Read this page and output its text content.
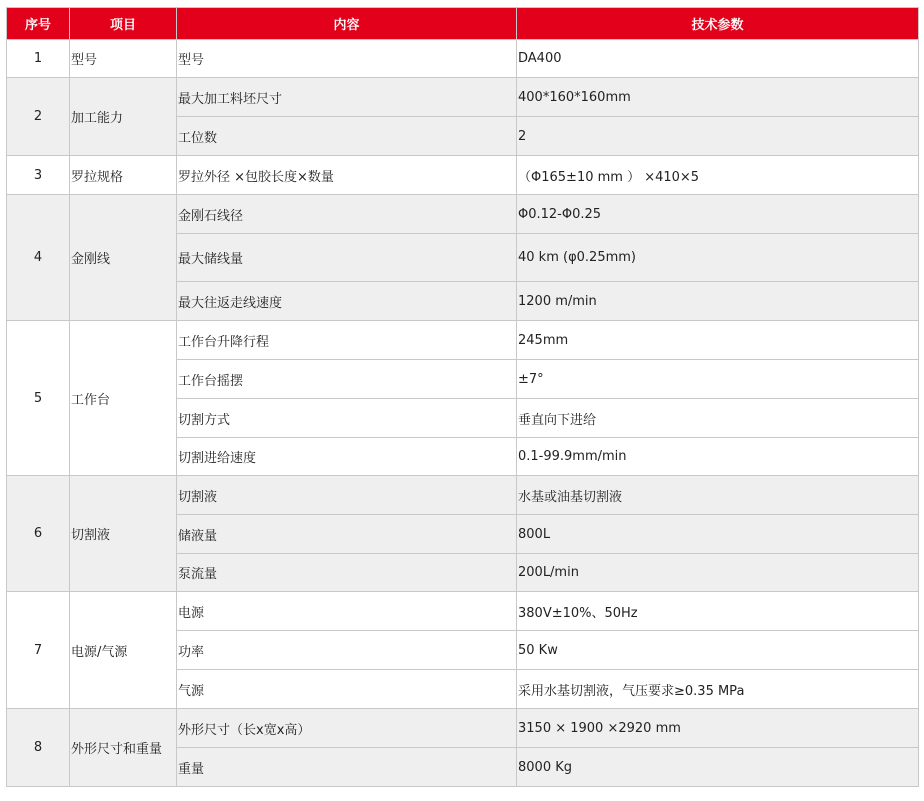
序号	项目	内容	技术参数
1	型号	型号	DA400
2	加工能力	最大加工料坯尺寸	400*160*160mm
		工位数	2
3	罗拉规格	罗拉外径 ×包胶长度×数量	（Φ165±10 mm ） ×410×5
4	金刚线	金刚石线径	Φ0.12-Φ0.25
		最大储线量	40 km (φ0.25mm)
		最大往返走线速度	1200 m/min
5	工作台	工作台升降行程	245mm
		工作台摇摆	±7°
		切割方式	垂直向下进给
		切割进给速度	0.1-99.9mm/min
6	切割液	切割液	水基或油基切割液
		储液量	800L
		泵流量	200L/min
7	电源/气源	电源	380V±10%、50Hz
		功率	50 Kw
		气源	采用水基切割液，气压要求≥0.35 MPa
8	外形尺寸和重量	外形尺寸（长x宽x高）	3150 × 1900 ×2920 mm
		重量	8000 Kg
